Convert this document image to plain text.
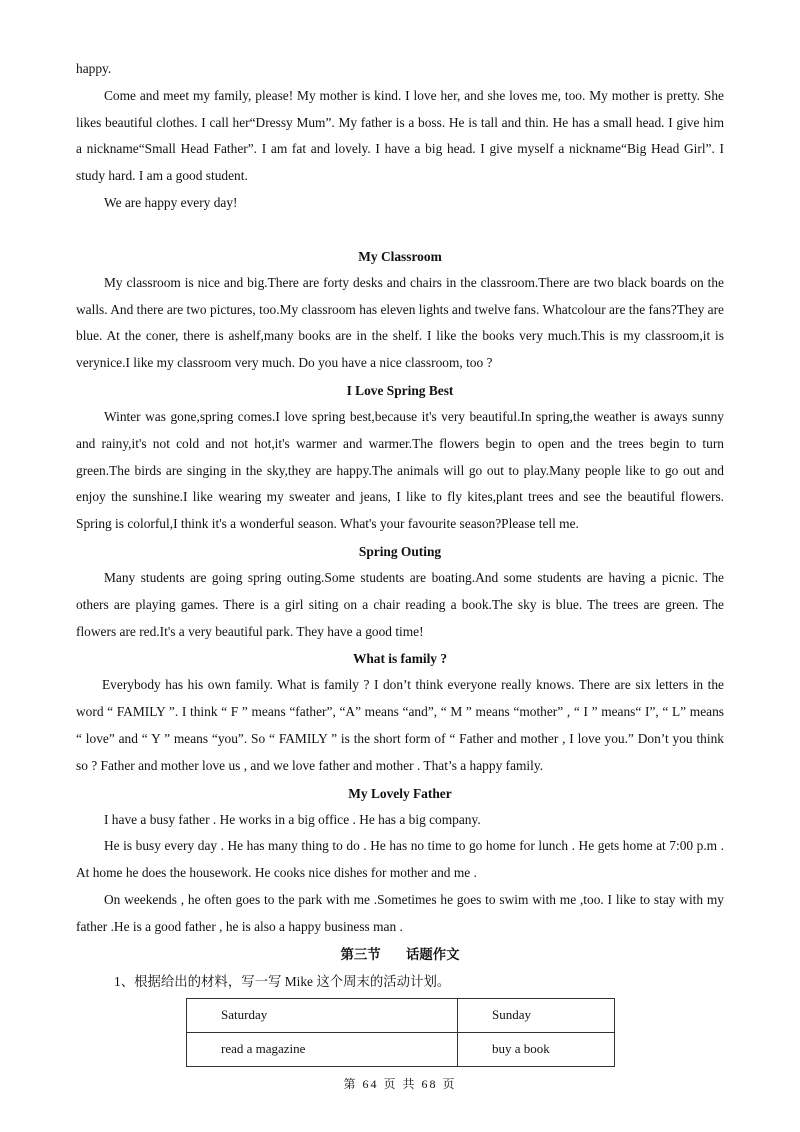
happy.

Come and meet my family, please! My mother is kind. I love her, and she loves me, too. My mother is pretty. She likes beautiful clothes. I call her“Dressy Mum”. My father is a boss. He is tall and thin. He has a small head. I give him a nickname“Small Head Father”. I am fat and lovely. I have a big head. I give myself a nickname“Big Head Girl”. I study hard. I am a good student.

We are happy every day!

My Classroom

My classroom is nice and big.There are forty desks and chairs in the classroom.There are two black boards on the walls. And there are two pictures, too.My classroom has eleven lights and twelve fans. Whatcolour are the fans?They are blue. At the coner, there is ashelf,many books are in the shelf. I like the books very much.This is my classroom,it is verynice.I like my classroom very much. Do you have a nice classroom, too ?

I Love Spring Best

Winter was gone,spring comes.I love spring best,because it's very beautiful.In spring,the weather is aways sunny and rainy,it's not cold and not hot,it's warmer and warmer.The flowers begin to open and the trees begin to turn green.The birds are singing in the sky,they are happy.The animals will go out to play.Many people like to go out and enjoy the sunshine.I like wearing my sweater and jeans, I like to fly kites,plant trees and see the beautiful flowers. Spring is colorful,I think it's a wonderful season. What's your favourite season?Please tell me.

Spring Outing

Many students are going spring outing.Some students are boating.And some students are having a picnic. The others are playing games. There is a girl siting on a chair reading a book.The sky is blue. The trees are green. The flowers are red.It's a very beautiful park. They have a good time!

What is family ?

Everybody has his own family. What is family ? I don’t think everyone really knows. There are six letters in the word “ FAMILY ”. I think “ F ” means “father”, “A” means “and”, “ M ” means “mother” , “ I ” means“ I”, “ L” means “ love” and “ Y ” means “you”. So “ FAMILY ” is the short form of “ Father and mother , I love you.” Don’t you think so ? Father and mother love us , and we love father and mother . That’s a happy family.

My Lovely Father

I have a busy father . He works in a big office . He has a big company.

He is busy every day . He has many thing to do . He has no time to go home for lunch . He gets home at 7:00 p.m . At home he does the housework. He cooks nice dishes for mother and me .

On weekends , he often goes to the park with me .Sometimes he goes to swim with me ,too. I like to stay with my father .He is a good father , he is also a happy business man .

第三节 话题作文
1、根据给出的材料，写一写 Mike 这个周末的活动计划。
Saturday	Sunday
read a magazine	buy a book
第 64 页 共 68 页
